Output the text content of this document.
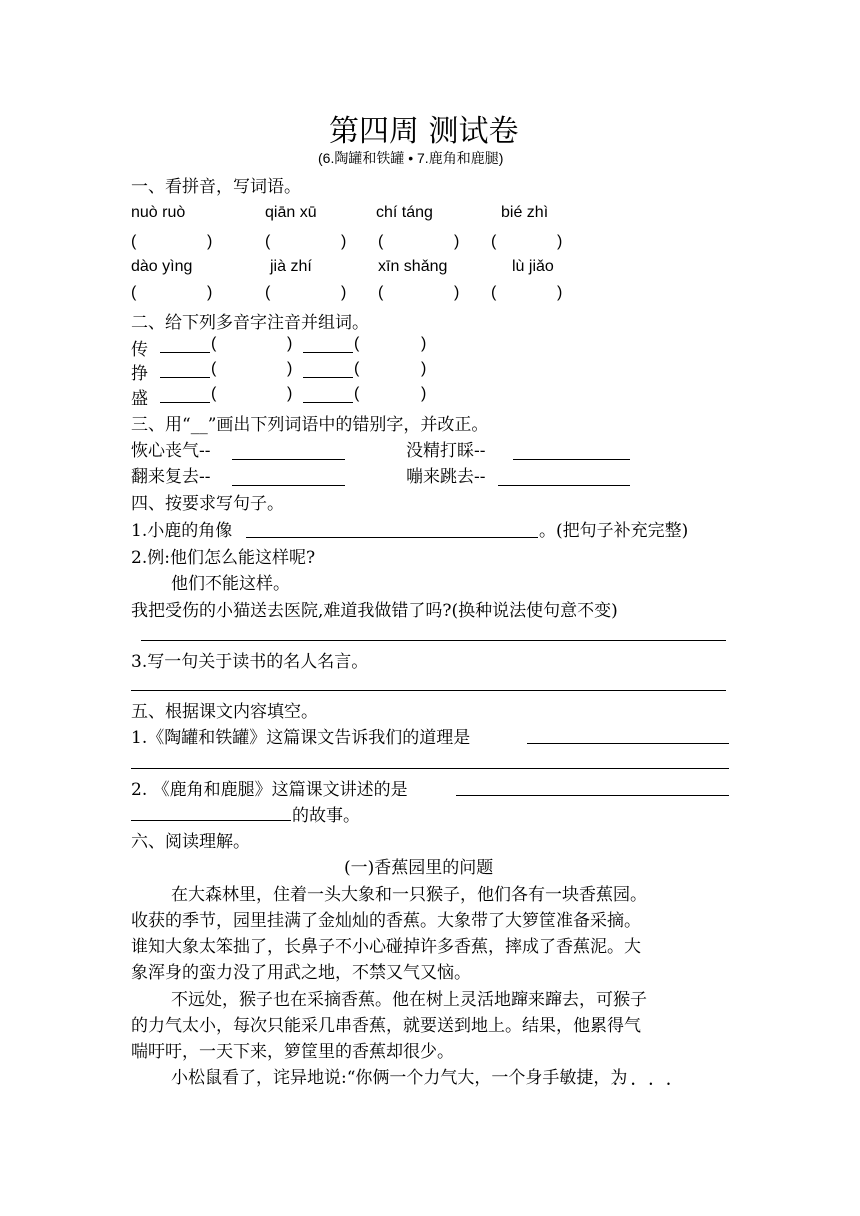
第四周 测试卷
(6.陶罐和铁罐 • 7.鹿角和鹿腿)
一、看拼音，写词语。
nuò ruò	qiān xū	chí táng	bié zhì
(	)	(	) (	) (	)
dào yìng	jià zhí	xīn shǎng	lù jiǎo
(	)	(	) (	) (	)
二、给下列多音字注音并组词。
传	(	)	(	)
挣	(	)	(	)
盛	(	)	(	)
三、用“__”画出下列词语中的错别字，并改正。
恢心丧气--	没精打睬--
翻来复去--	嘣来跳去--
四、按要求写句子。
1.小鹿的角像	。(把句子补充完整)
2.例:他们怎么能这样呢?
他们不能这样。
我把受伤的小猫送去医院,难道我做错了吗?(换种说法使句意不变)
3.写一句关于读书的名人名言。
五、根据课文内容填空。
1.《陶罐和铁罐》这篇课文告诉我们的道理是
2. 《鹿角和鹿腿》这篇课文讲述的是
的故事。
六、阅读理解。
(一)香蕉园里的问题
在大森林里，住着一头大象和一只猴子，他们各有一块香蕉园。
收获的季节，园里挂满了金灿灿的香蕉。大象带了大箩筐准备采摘。
谁知大象太笨拙了，长鼻子不小心碰掉许多香蕉，摔成了香蕉泥。大
象浑身的蛮力没了用武之地，不禁又气又恼。
不远处，猴子也在采摘香蕉。他在树上灵活地蹿来蹿去，可猴子
的力气太小，每次只能采几串香蕉，就要送到地上。结果，他累得气
喘吁吁，一天下来，箩筐里的香蕉却很少。
小松鼠看了，诧异地说:“你俩一个力气大，一个身手敏捷，为
••••
